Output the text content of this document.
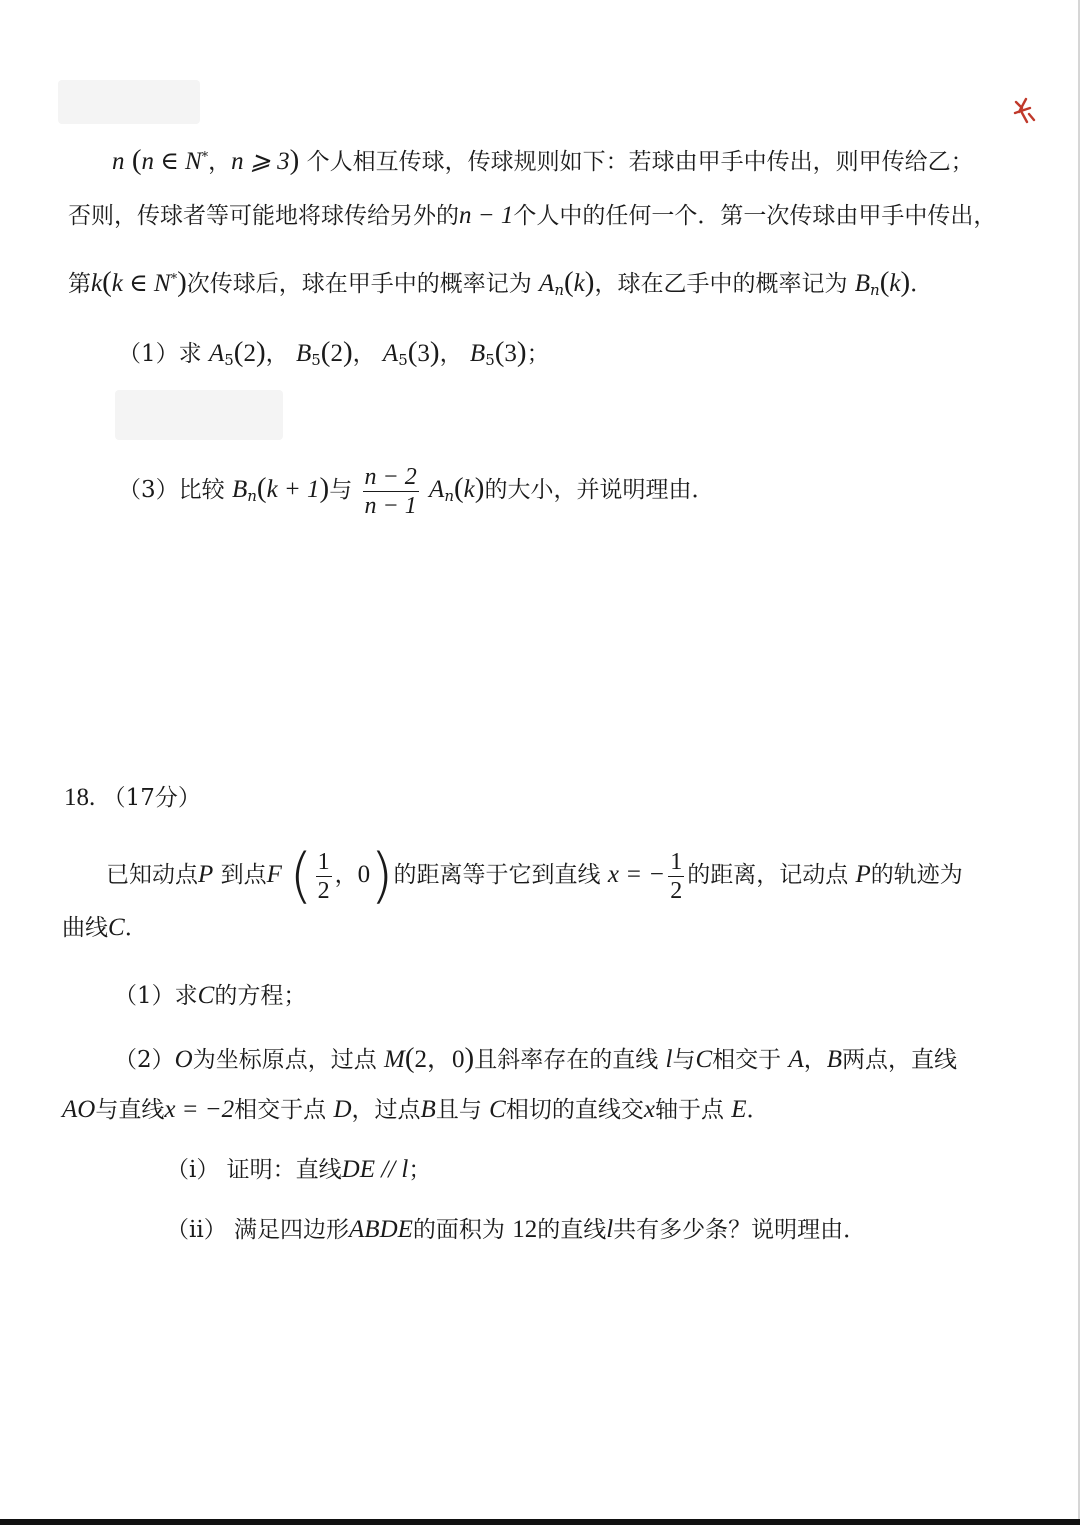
n (n ∈ N*，n ⩾ 3) 个人相互传球，传球规则如下：若球由甲手中传出，则甲传给乙；
否则，传球者等可能地将球传给另外的n − 1个人中的任何一个．第一次传球由甲手中传出，
第k(k ∈ N*)次传球后，球在甲手中的概率记为 $A_n(k)$，球在乙手中的概率记为 $B_n(k)$．
（1）求 $A_5(2)$， $B_5(2)$， $A_5(3)$， $B_5(3)$；
（3）比较 $B_n(k + 1)$与 $\frac{n - 2}{n - 1} A_n(k)$的大小，并说明理由．
18. （17分）
已知动点P 到点F ( $\frac{1}{2}$ ，0)的距离等于它到直线 x = − $\frac{1}{2}$ 的距离，记动点 P的轨迹为
曲线C．
（1）求C的方程；
（2）O为坐标原点，过点 M(2，0)且斜率存在的直线 l与C相交于 A，B两点，直线
AO与直线x = −2相交于点 D，过点B且与 C相切的直线交x轴于点 E．
（i） 证明：直线DE // l；
（ii） 满足四边形ABDE的面积为 12的直线l共有多少条？说明理由．
